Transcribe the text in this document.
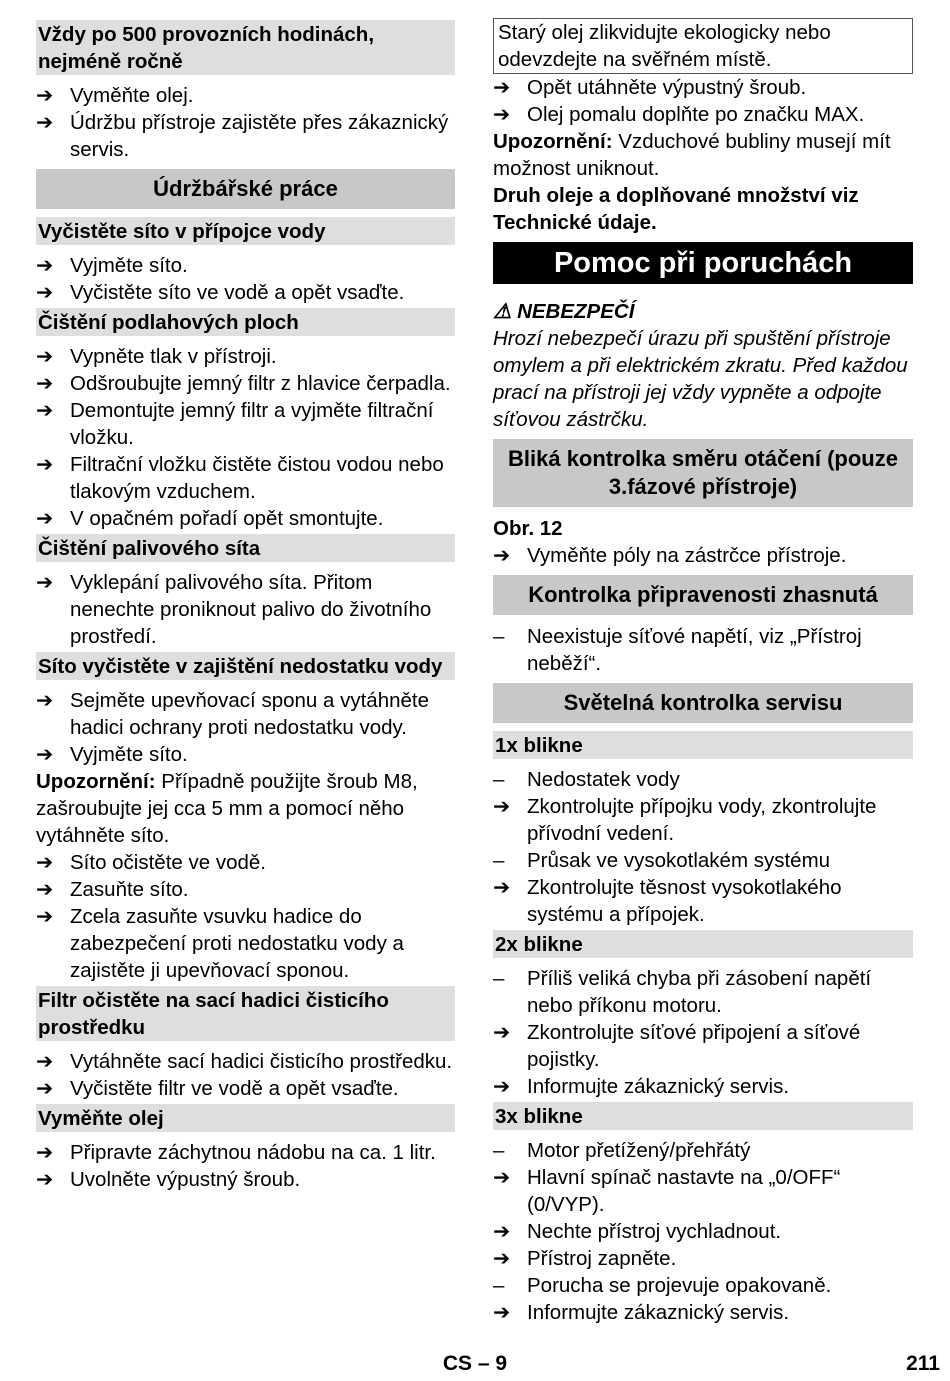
Vždy po 500 provozních hodinách, nejméně ročně
➔ Vyměňte olej.
➔ Údržbu přístroje zajistěte přes zákaznický servis.
Údržbářské práce
Vyčistěte síto v přípojce vody
➔ Vyjměte síto.
➔ Vyčistěte síto ve vodě a opět vsaďte.
Čištění podlahových ploch
➔ Vypněte tlak v přístroji.
➔ Odšroubujte jemný filtr z hlavice čerpadla.
➔ Demontujte jemný filtr a vyjměte filtrační vložku.
➔ Filtrační vložku čistěte čistou vodou nebo tlakovým vzduchem.
➔ V opačném pořadí opět smontujte.
Čištění palivového síta
➔ Vyklepání palivového síta. Přitom nenechte proniknout palivo do životního prostředí.
Síto vyčistěte v zajištění nedostatku vody
➔ Sejměte upevňovací sponu a vytáhněte hadici ochrany proti nedostatku vody.
➔ Vyjměte síto.
Upozornění: Případně použijte šroub M8, zašroubujte jej cca 5 mm a pomocí něho vytáhněte síto.
➔ Síto očistěte ve vodě.
➔ Zasuňte síto.
➔ Zcela zasuňte vsuvku hadice do zabezpečení proti nedostatku vody a zajistěte ji upevňovací sponou.
Filtr očistěte na sací hadici čisticího prostředku
➔ Vytáhněte sací hadici čisticího prostředku.
➔ Vyčistěte filtr ve vodě a opět vsaďte.
Vyměňte olej
➔ Připravte záchytnou nádobu na ca. 1 litr.
➔ Uvolněte výpustný šroub.
Starý olej zlikvidujte ekologicky nebo odevzdejte na svěřném místě.
➔ Opět utáhněte výpustný šroub.
➔ Olej pomalu doplňte po značku MAX.
Upozornění: Vzduchové bubliny musejí mít možnost uniknout.
Druh oleje a doplňované množství viz Technické údaje.
Pomoc při poruchách
⚠ NEBEZPEČÍ
Hrozí nebezpečí úrazu při spuštění přístroje omylem a při elektrickém zkratu. Před každou prací na přístroji jej vždy vypněte a odpojte síťovou zástrčku.
Bliká kontrolka směru otáčení (pouze 3.fázové přístroje)
Obr. 12
➔ Vyměňte póly na zástrčce přístroje.
Kontrolka připravenosti zhasnutá
–	Neexistuje síťové napětí, viz „Přístroj neběží“.
Světelná kontrolka servisu
1x blikne
–	Nedostatek vody
➔ Zkontrolujte přípojku vody, zkontrolujte přívodní vedení.
–	Průsak ve vysokotlakém systému
➔ Zkontrolujte těsnost vysokotlakého systému a přípojek.
2x blikne
–	Příliš veliká chyba při zásobení napětí nebo příkonu motoru.
➔ Zkontrolujte síťové připojení a síťové pojistky.
➔ Informujte zákaznický servis.
3x blikne
–	Motor přetížený/přehřátý
➔ Hlavní spínač nastavte na „0/OFF“ (0/VYP).
➔ Nechte přístroj vychladnout.
➔ Přístroj zapněte.
–	Porucha se projevuje opakovaně.
➔ Informujte zákaznický servis.
CS – 9	211
